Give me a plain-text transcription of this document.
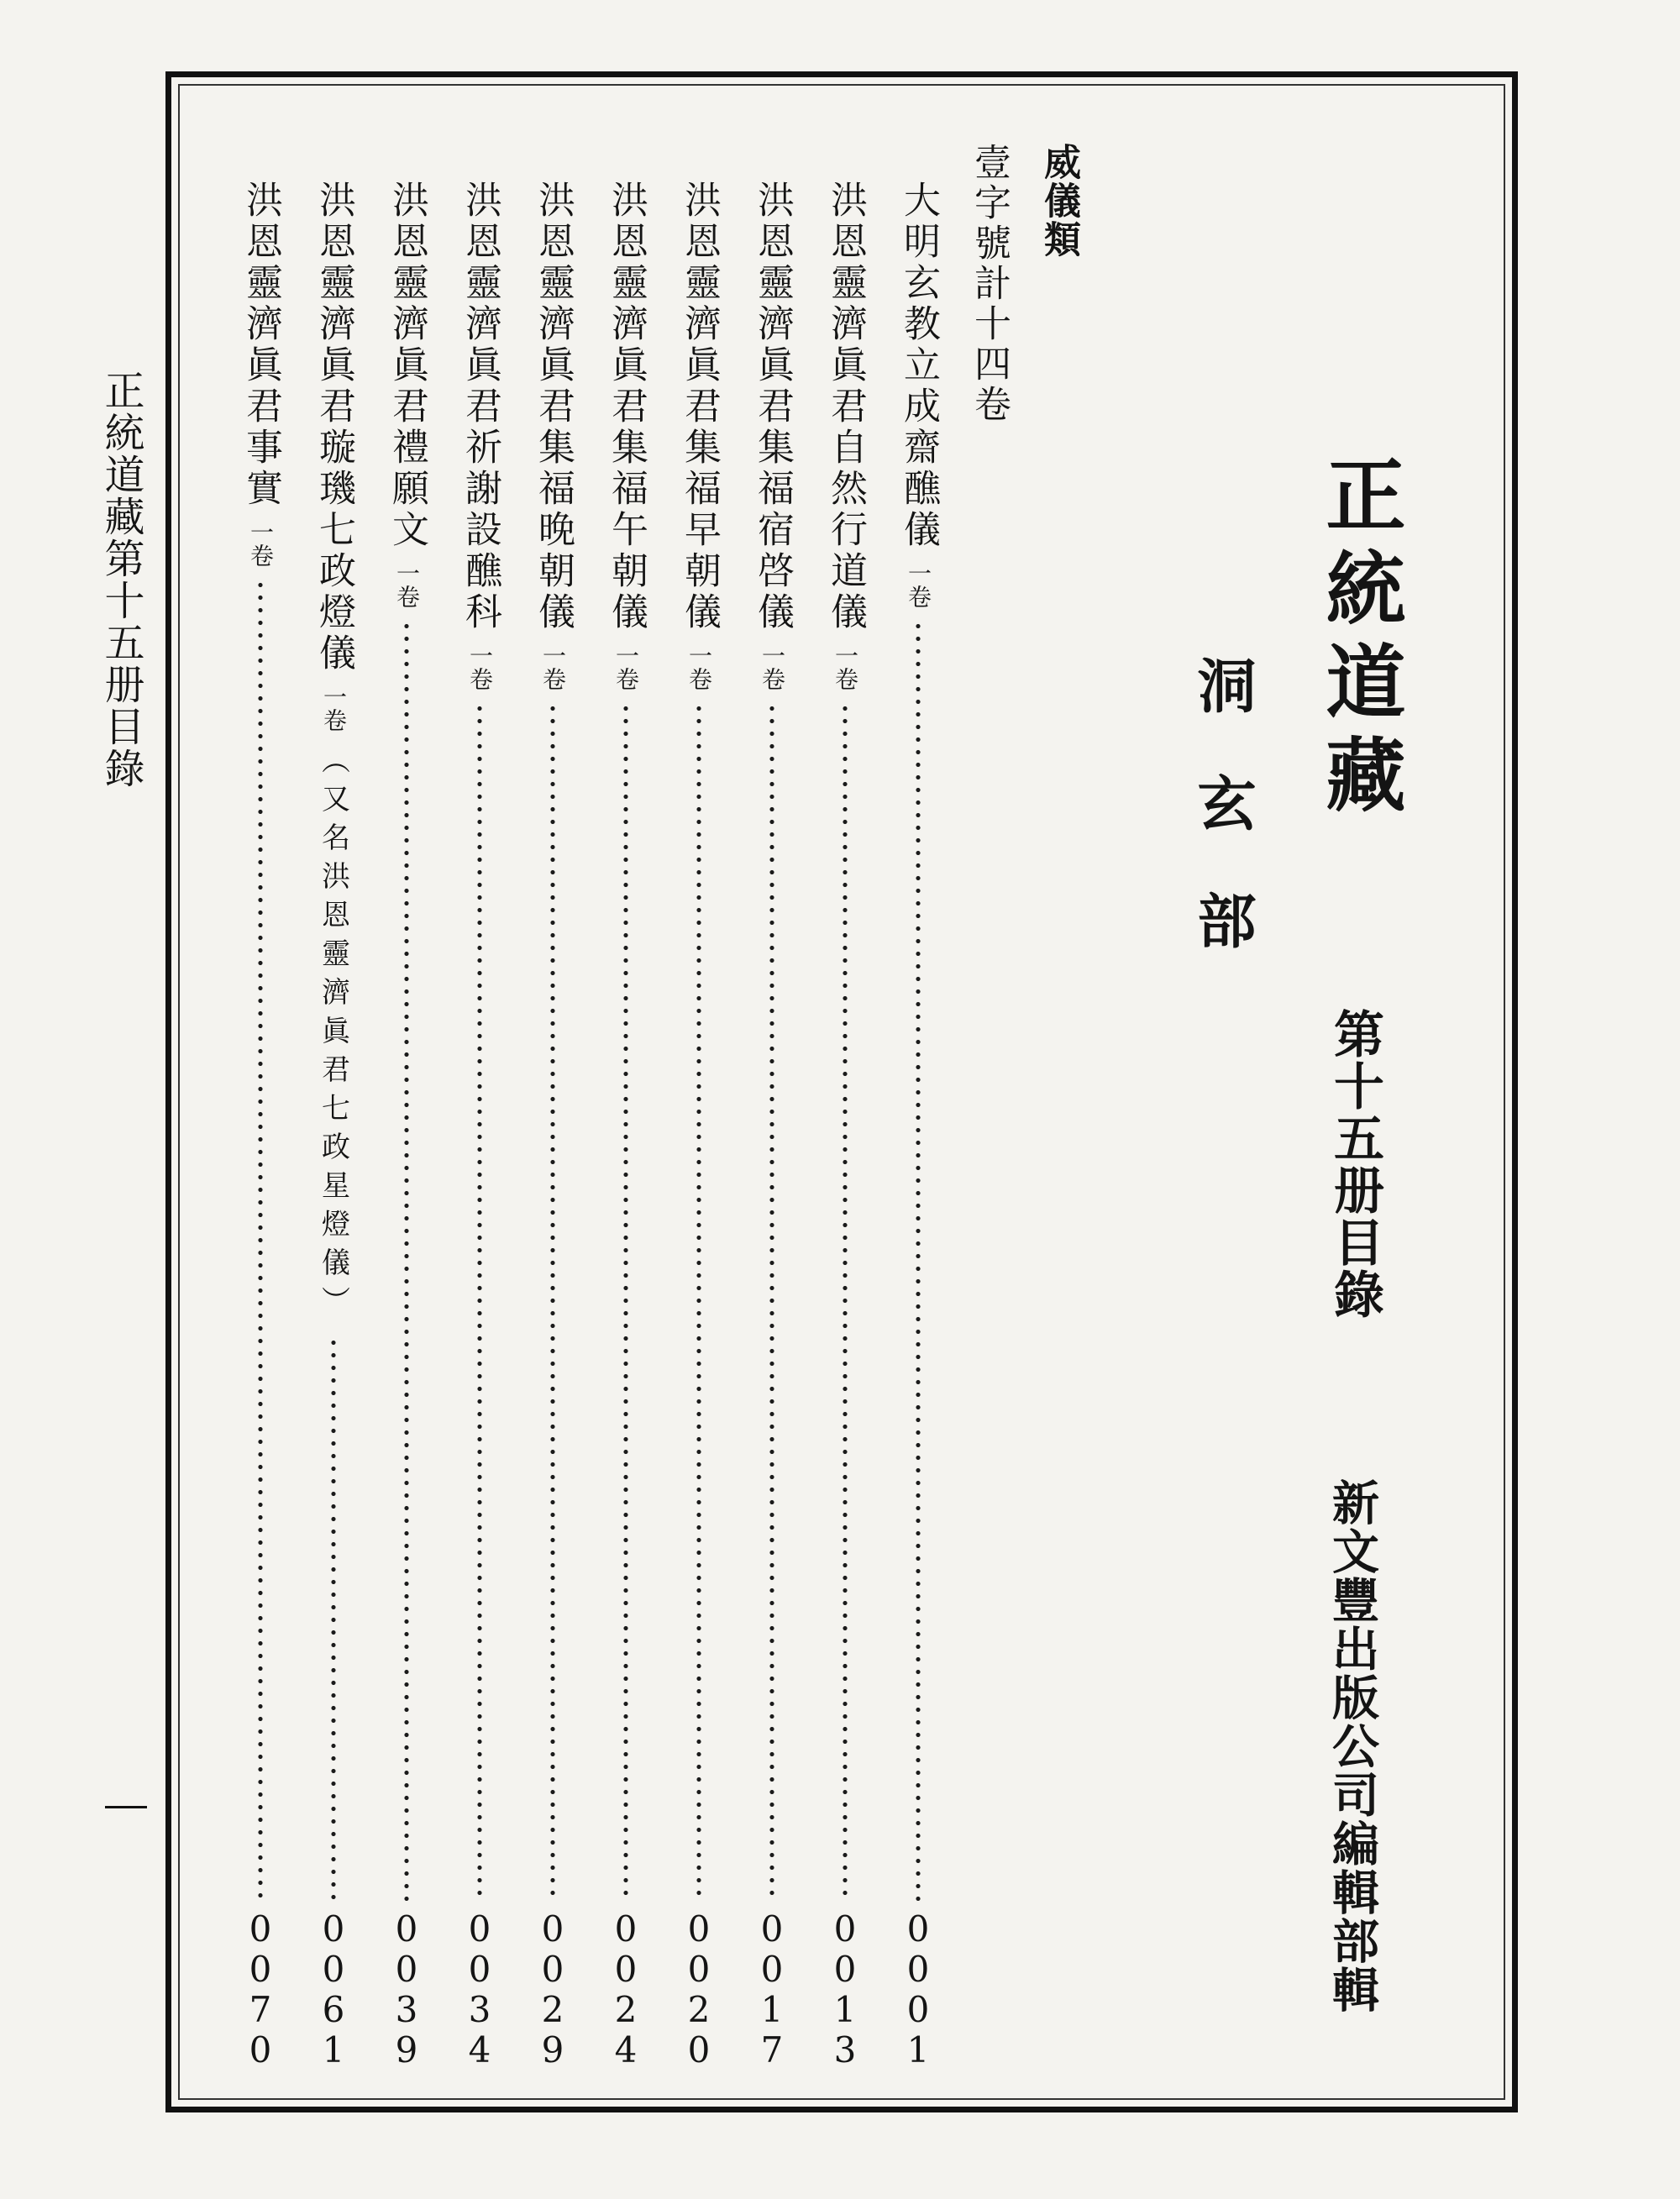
正統道藏
第十五册目錄
新文豐出版公司編輯部輯
洞玄部
威儀類
壹字號計十四卷
大明玄教立成齋醮儀
一卷
0
0
0
1
洪恩靈濟眞君自然行道儀
一卷
0
0
1
3
洪恩靈濟眞君集福宿啓儀
一卷
0
0
1
7
洪恩靈濟眞君集福早朝儀
一卷
0
0
2
0
洪恩靈濟眞君集福午朝儀
一卷
0
0
2
4
洪恩靈濟眞君集福晚朝儀
一卷
0
0
2
9
洪恩靈濟眞君祈謝設醮科
一卷
0
0
3
4
洪恩靈濟眞君禮願文
一卷
0
0
3
9
洪恩靈濟眞君璇璣七政燈儀
一卷
（又名洪恩靈濟眞君七政星燈儀）
0
0
6
1
洪恩靈濟眞君事實
一卷
0
0
7
0
正統道藏第十五册目錄
